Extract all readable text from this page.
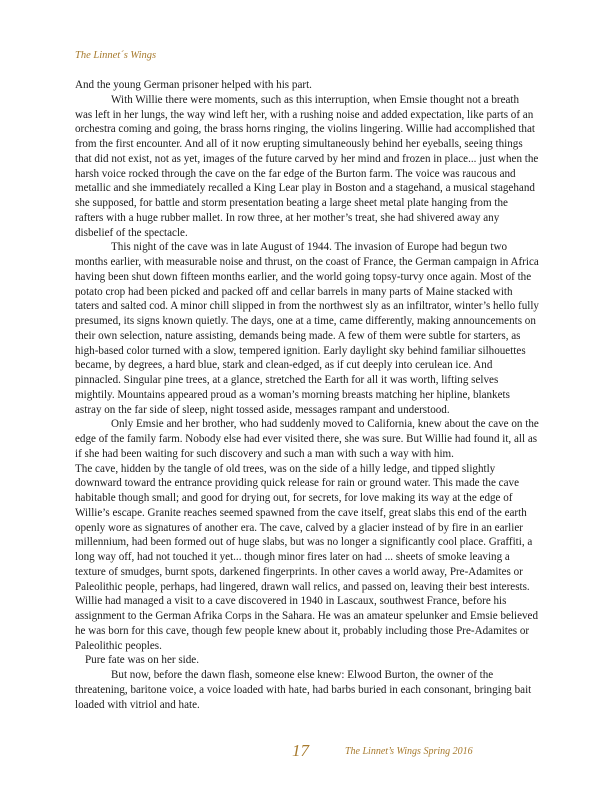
The Linnet´s Wings

And the young German prisoner helped with his part.

With Willie there were moments, such as this interruption, when Emsie thought not a breath was left in her lungs, the way wind left her, with a rushing noise and added expectation, like parts of an orchestra coming and going, the brass horns ringing, the violins lingering. Willie had accomplished that from the first encounter. And all of it now erupting simultaneously behind her eyeballs, seeing things that did not exist, not as yet, images of the future carved by her mind and frozen in place... just when the harsh voice rocked through the cave on the far edge of the Burton farm. The voice was raucous and metallic and she immediately recalled a King Lear play in Boston and a stagehand, a musical stagehand she supposed, for battle and storm presentation beating a large sheet metal plate hanging from the rafters with a huge rubber mallet. In row three, at her mother’s treat, she had shivered away any disbelief of the spectacle.

This night of the cave was in late August of 1944. The invasion of Europe had begun two months earlier, with measurable noise and thrust, on the coast of France, the German campaign in Africa having been shut down fifteen months earlier, and the world going topsy-turvy once again. Most of the potato crop had been picked and packed off and cellar barrels in many parts of Maine stacked with taters and salted cod. A minor chill slipped in from the northwest sly as an infiltrator, winter’s hello fully presumed, its signs known quietly. The days, one at a time, came differently, making announcements on their own selection, nature assisting, demands being made. A few of them were subtle for starters, as high-based color turned with a slow, tempered ignition. Early daylight sky behind familiar silhouettes became, by degrees, a hard blue, stark and clean-edged, as if cut deeply into cerulean ice. And pinnacled. Singular pine trees, at a glance, stretched the Earth for all it was worth, lifting selves mightily. Mountains appeared proud as a woman’s morning breasts matching her hipline, blankets astray on the far side of sleep, night tossed aside, messages rampant and understood.

Only Emsie and her brother, who had suddenly moved to California, knew about the cave on the edge of the family farm. Nobody else had ever visited there, she was sure. But Willie had found it, all as if she had been waiting for such discovery and such a man with such a way with him.

The cave, hidden by the tangle of old trees, was on the side of a hilly ledge, and tipped slightly downward toward the entrance providing quick release for rain or ground water. This made the cave habitable though small; and good for drying out, for secrets, for love making its way at the edge of Willie’s escape. Granite reaches seemed spawned from the cave itself, great slabs this end of the earth openly wore as signatures of another era. The cave, calved by a glacier instead of by fire in an earlier millennium, had been formed out of huge slabs, but was no longer a significantly cool place. Graffiti, a long way off, had not touched it yet... though minor fires later on had ... sheets of smoke leaving a texture of smudges, burnt spots, darkened fingerprints. In other caves a world away, Pre-Adamites or Paleolithic people, perhaps, had lingered, drawn wall relics, and passed on, leaving their best interests. Willie had managed a visit to a cave discovered in 1940 in Lascaux, southwest France, before his assignment to the German Afrika Corps in the Sahara. He was an amateur spelunker and Emsie believed he was born for this cave, though few people knew about it, probably including those Pre-Adamites or Paleolithic peoples.

Pure fate was on her side.

But now, before the dawn flash, someone else knew: Elwood Burton, the owner of the threatening, baritone voice, a voice loaded with hate, had barbs buried in each consonant, bringing bait loaded with vitriol and hate.

17	The Linnet’s Wings Spring 2016
